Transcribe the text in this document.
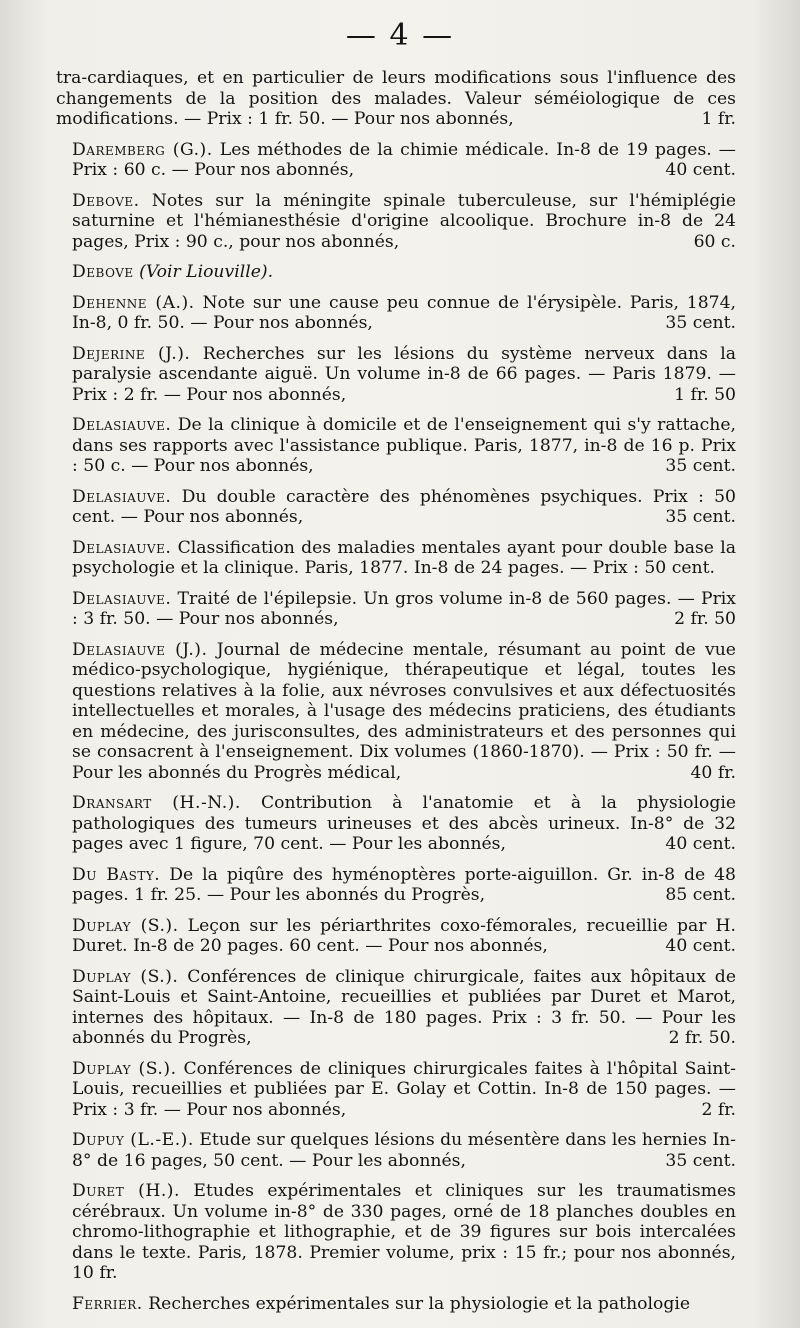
— 4 —
tra-cardiaques, et en particulier de leurs modifications sous l'influence des changements de la position des malades. Valeur séméiologique de ces modifications. — Prix : 1 fr. 50. — Pour nos abonnés,	1 fr.
Daremberg (G.). Les méthodes de la chimie médicale. In-8 de 19 pages. — Prix : 60 c. — Pour nos abonnés,	40 cent.
Debove. Notes sur la méningite spinale tuberculeuse, sur l'hémiplégie saturnine et l'hémianesthésie d'origine alcoolique. Brochure in-8 de 24 pages, Prix : 90 c., pour nos abonnés,	60 c.
Debove (Voir Liouville).
Dehenne (A.). Note sur une cause peu connue de l'érysipèle. Paris, 1874, In-8, 0 fr. 50. — Pour nos abonnés,	35 cent.
Dejerine (J.). Recherches sur les lésions du système nerveux dans la paralysie ascendante aiguë. Un volume in-8 de 66 pages. — Paris 1879. — Prix : 2 fr. — Pour nos abonnés,	1 fr. 50
Delasiauve. De la clinique à domicile et de l'enseignement qui s'y rattache, dans ses rapports avec l'assistance publique. Paris, 1877, in-8 de 16 p. Prix : 50 c. — Pour nos abonnés,	35 cent.
Delasiauve. Du double caractère des phénomènes psychiques. Prix : 50 cent. — Pour nos abonnés,	35 cent.
Delasiauve. Classification des maladies mentales ayant pour double base la psychologie et la clinique. Paris, 1877. In-8 de 24 pages. — Prix : 50 cent.
Delasiauve. Traité de l'épilepsie. Un gros volume in-8 de 560 pages. — Prix : 3 fr. 50. — Pour nos abonnés,	2 fr. 50
Delasiauve (J.). Journal de médecine mentale, résumant au point de vue médico-psychologique, hygiénique, thérapeutique et légal, toutes les questions relatives à la folie, aux névroses convulsives et aux défectuosités intellectuelles et morales, à l'usage des médecins praticiens, des étudiants en médecine, des jurisconsultes, des administrateurs et des personnes qui se consacrent à l'enseignement. Dix volumes (1860-1870). — Prix : 50 fr. — Pour les abonnés du Progrès médical,	40 fr.
Dransart (H.-N.). Contribution à l'anatomie et à la physiologie pathologiques des tumeurs urineuses et des abcès urineux. In-8° de 32 pages avec 1 figure, 70 cent. — Pour les abonnés,	40 cent.
Du Basty. De la piqûre des hyménoptères porte-aiguillon. Gr. in-8 de 48 pages. 1 fr. 25. — Pour les abonnés du Progrès,	85 cent.
Duplay (S.). Leçon sur les périarthrites coxo-fémorales, recueillie par H. Duret. In-8 de 20 pages. 60 cent. — Pour nos abonnés,	40 cent.
Duplay (S.). Conférences de clinique chirurgicale, faites aux hôpitaux de Saint-Louis et Saint-Antoine, recueillies et publiées par Duret et Marot, internes des hôpitaux. — In-8 de 180 pages. Prix : 3 fr. 50. — Pour les abonnés du Progrès,	2 fr. 50.
Duplay (S.). Conférences de cliniques chirurgicales faites à l'hôpital Saint-Louis, recueillies et publiées par E. Golay et Cottin. In-8 de 150 pages. — Prix : 3 fr. — Pour nos abonnés,	2 fr.
Dupuy (L.-E.). Etude sur quelques lésions du mésentère dans les hernies In-8° de 16 pages, 50 cent. — Pour les abonnés,	35 cent.
Duret (H.). Etudes expérimentales et cliniques sur les traumatismes cérébraux. Un volume in-8° de 330 pages, orné de 18 planches doubles en chromo-lithographie et lithographie, et de 39 figures sur bois intercalées dans le texte. Paris, 1878. Premier volume, prix : 15 fr.; pour nos abonnés, 10 fr.
Ferrier. Recherches expérimentales sur la physiologie et la pathologie
